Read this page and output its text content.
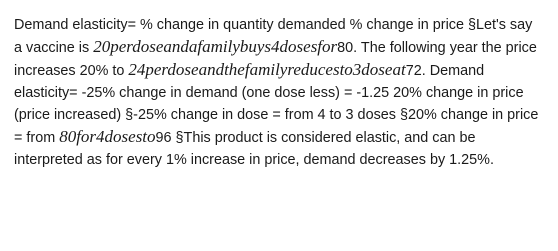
Demand elasticity= % change in quantity demanded % change in price §Let's say a vaccine is 20perdoseandafamilybuys4dosesfor80. The following year the price increases 20% to 24perdoseandthefamilyreducesto3doseat72. Demand elasticity= -25% change in demand (one dose less) = -1.25 20% change in price (price increased) §-25% change in dose = from 4 to 3 doses §20% change in price = from 80for4dosesto96 §This product is considered elastic, and can be interpreted as for every 1% increase in price, demand decreases by 1.25%.
